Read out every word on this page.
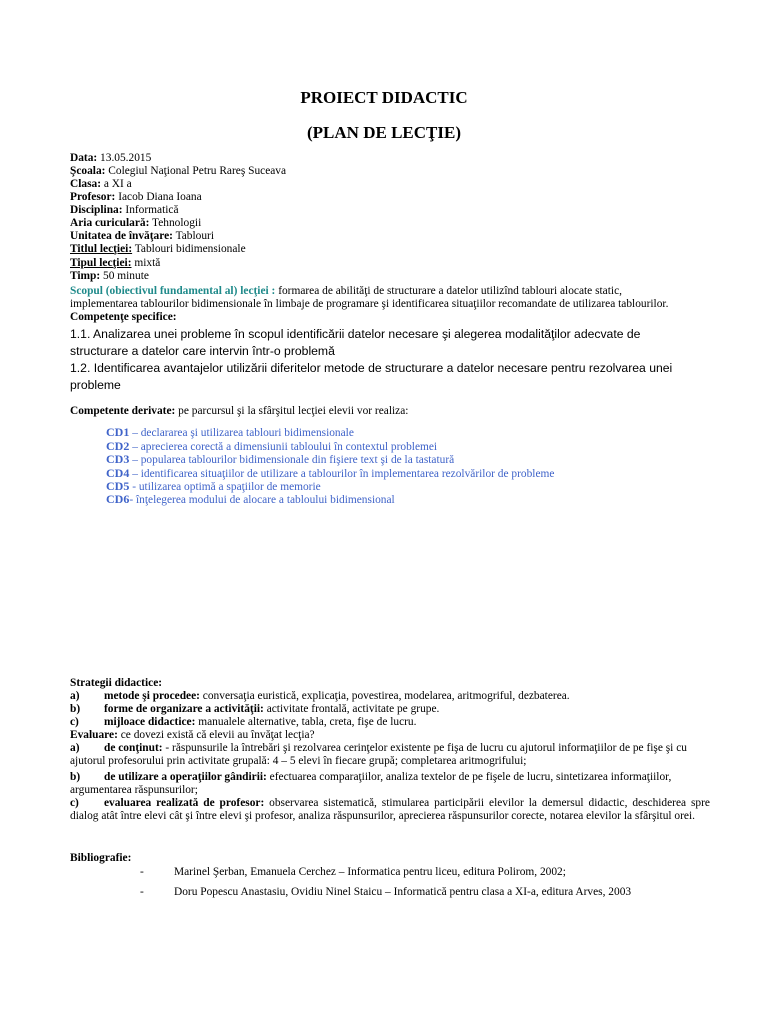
PROIECT DIDACTIC
(PLAN DE LECŢIE)
Data: 13.05.2015
Şcoala: Colegiul Naţional Petru Rareş Suceava
Clasa: a XI a
Profesor: Iacob Diana Ioana
Disciplina: Informatică
Aria curiculară: Tehnologii
Unitatea de învăţare: Tablouri
Titlul lecţiei: Tablouri bidimensionale
Tipul lecţiei: mixtă
Timp: 50 minute
Scopul (obiectivul fundamental al) lecţiei : formarea de abilităţi de structurare a datelor utilizînd tablouri alocate static,
implementarea tablourilor bidimensionale în limbaje de programare şi identificarea situaţiilor recomandate de utilizarea tablourilor.
Competenţe specifice:
1.1. Analizarea unei probleme în scopul identificării datelor necesare şi alegerea modalităţilor adecvate de
structurare a datelor care intervin într-o problemă
1.2. Identificarea avantajelor utilizării diferitelor metode de structurare a datelor necesare pentru rezolvarea unei
probleme
Competente derivate: pe parcursul şi la sfârşitul lecţiei elevii vor realiza:
CD1 – declararea şi utilizarea tablouri bidimensionale
CD2 – aprecierea corectă a dimensiunii tabloului în contextul problemei
CD3 – popularea tablourilor bidimensionale din fişiere text şi de la tastatură
CD4 – identificarea situaţiilor de utilizare a tablourilor în implementarea rezolvărilor de probleme
CD5 - utilizarea optimă a spaţiilor de memorie
CD6- înţelegerea modului de alocare a tabloului bidimensional
Strategii didactice:
a) metode şi procedee: conversaţia euristică, explicaţia, povestirea, modelarea, aritmogriful, dezbaterea.
b) forme de organizare a activităţii: activitate frontală, activitate pe grupe.
c) mijloace didactice: manualele alternative, tabla, creta, fişe de lucru.
Evaluare: ce dovezi există că elevii au învăţat lecţia?
a) de conţinut: - răspunsurile la întrebări şi rezolvarea cerinţelor existente pe fişa de lucru cu ajutorul informaţiilor de pe fişe şi cu ajutorul profesorului prin activitate grupală: 4 – 5 elevi în fiecare grupă; completarea aritmogrifului;
b) de utilizare a operaţiilor gândirii: efectuarea comparaţiilor, analiza textelor de pe fişele de lucru, sintetizarea informaţiilor, argumentarea răspunsurilor;
c) evaluarea realizată de profesor: observarea sistematică, stimularea participării elevilor la demersul didactic, deschiderea spre dialog atât între elevi cât şi între elevi şi profesor, analiza răspunsurilor, aprecierea răspunsurilor corecte, notarea elevilor la sfârşitul orei.
Bibliografie:
-	Marinel Şerban, Emanuela Cerchez – Informatica pentru liceu, editura Polirom, 2002;
-	Doru Popescu Anastasiu, Ovidiu Ninel Staicu – Informatică pentru clasa a XI-a, editura Arves, 2003
